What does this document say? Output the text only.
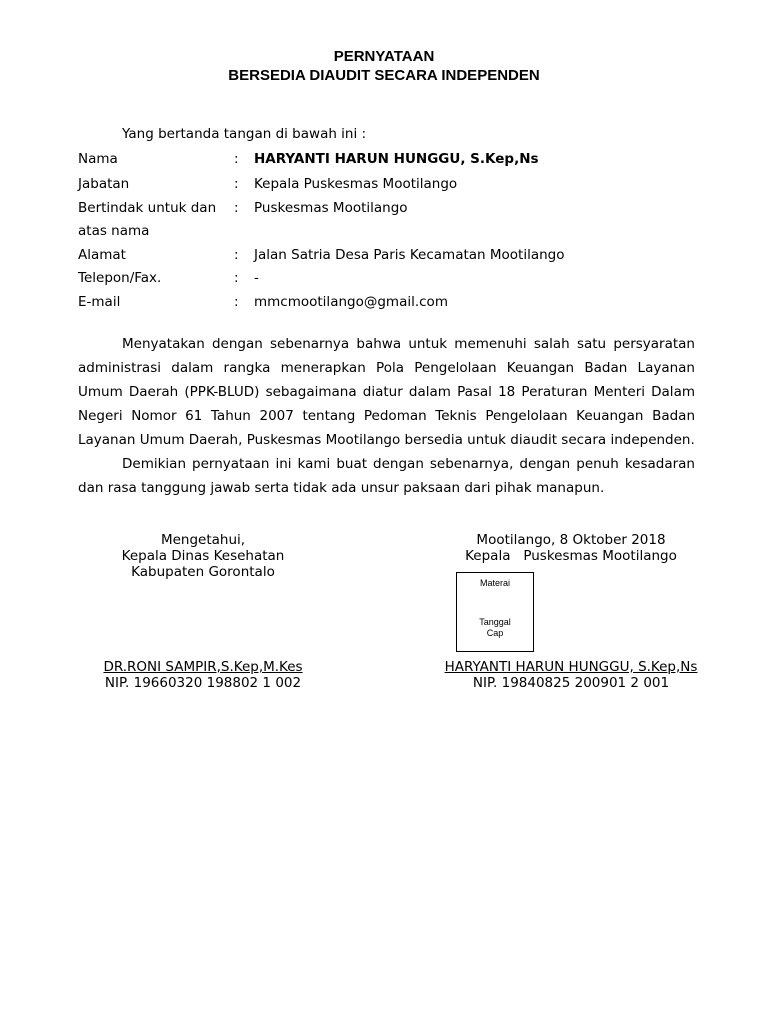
PERNYATAAN
BERSEDIA DIAUDIT SECARA INDEPENDEN
Yang bertanda tangan di bawah ini :
Nama	: HARYANTI HARUN HUNGGU, S.Kep,Ns
Jabatan	: Kepala Puskesmas Mootilango
Bertindak untuk dan	: Puskesmas Mootilango
atas nama
Alamat	: Jalan Satria Desa Paris Kecamatan Mootilango
Telepon/Fax.	: -
E-mail	: mmcmootilango@gmail.com

Menyatakan dengan sebenarnya bahwa untuk memenuhi salah satu persyaratan administrasi dalam rangka menerapkan Pola Pengelolaan Keuangan Badan Layanan Umum Daerah (PPK-BLUD) sebagaimana diatur dalam Pasal 18 Peraturan Menteri Dalam Negeri Nomor 61 Tahun 2007 tentang Pedoman Teknis Pengelolaan Keuangan Badan Layanan Umum Daerah, Puskesmas Mootilango bersedia untuk diaudit secara independen.

Demikian pernyataan ini kami buat dengan sebenarnya, dengan penuh kesadaran dan rasa tanggung jawab serta tidak ada unsur paksaan dari pihak manapun.

Mengetahui,
Kepala Dinas Kesehatan
Kabupaten Gorontalo
DR.RONI SAMPIR,S.Kep,M.Kes
NIP. 19660320 198802 1 002
Mootilango, 8 Oktober 2018
Kepala   Puskesmas Mootilango
Materai
Tanggal
Cap
HARYANTI HARUN HUNGGU, S.Kep,Ns
NIP. 19840825 200901 2 001
